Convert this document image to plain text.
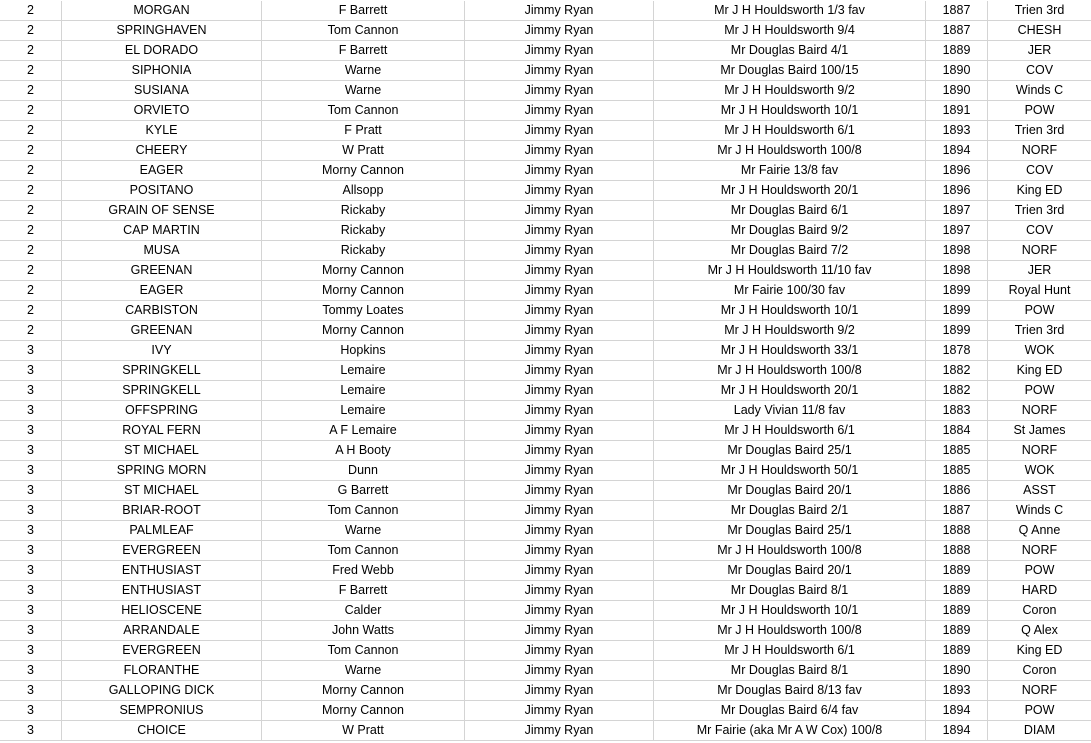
2	MORGAN	F Barrett	Jimmy Ryan	Mr J H Houldsworth 1/3 fav	1887	Trien 3rd
2	SPRINGHAVEN	Tom Cannon	Jimmy Ryan	Mr J H Houldsworth 9/4	1887	CHESH
2	EL DORADO	F Barrett	Jimmy Ryan	Mr Douglas Baird 4/1	1889	JER
2	SIPHONIA	Warne	Jimmy Ryan	Mr Douglas Baird 100/15	1890	COV
2	SUSIANA	Warne	Jimmy Ryan	Mr J H Houldsworth 9/2	1890	Winds C
2	ORVIETO	Tom Cannon	Jimmy Ryan	Mr J H Houldsworth 10/1	1891	POW
2	KYLE	F Pratt	Jimmy Ryan	Mr J H Houldsworth 6/1	1893	Trien 3rd
2	CHEERY	W Pratt	Jimmy Ryan	Mr J H Houldsworth 100/8	1894	NORF
2	EAGER	Morny Cannon	Jimmy Ryan	Mr Fairie 13/8 fav	1896	COV
2	POSITANO	Allsopp	Jimmy Ryan	Mr J H Houldsworth 20/1	1896	King ED
2	GRAIN OF SENSE	Rickaby	Jimmy Ryan	Mr Douglas Baird 6/1	1897	Trien 3rd
2	CAP MARTIN	Rickaby	Jimmy Ryan	Mr Douglas Baird 9/2	1897	COV
2	MUSA	Rickaby	Jimmy Ryan	Mr Douglas Baird 7/2	1898	NORF
2	GREENAN	Morny Cannon	Jimmy Ryan	Mr J H Houldsworth 11/10 fav	1898	JER
2	EAGER	Morny Cannon	Jimmy Ryan	Mr Fairie 100/30 fav	1899	Royal Hunt
2	CARBISTON	Tommy Loates	Jimmy Ryan	Mr J H Houldsworth 10/1	1899	POW
2	GREENAN	Morny Cannon	Jimmy Ryan	Mr J H Houldsworth 9/2	1899	Trien 3rd
3	IVY	Hopkins	Jimmy Ryan	Mr J H Houldsworth 33/1	1878	WOK
3	SPRINGKELL	Lemaire	Jimmy Ryan	Mr J H Houldsworth 100/8	1882	King ED
3	SPRINGKELL	Lemaire	Jimmy Ryan	Mr J H Houldsworth 20/1	1882	POW
3	OFFSPRING	Lemaire	Jimmy Ryan	Lady Vivian 11/8 fav	1883	NORF
3	ROYAL FERN	A F Lemaire	Jimmy Ryan	Mr J H Houldsworth 6/1	1884	St James
3	ST MICHAEL	A H Booty	Jimmy Ryan	Mr Douglas Baird 25/1	1885	NORF
3	SPRING MORN	Dunn	Jimmy Ryan	Mr J H Houldsworth 50/1	1885	WOK
3	ST MICHAEL	G Barrett	Jimmy Ryan	Mr Douglas Baird 20/1	1886	ASST
3	BRIAR-ROOT	Tom Cannon	Jimmy Ryan	Mr Douglas Baird 2/1	1887	Winds C
3	PALMLEAF	Warne	Jimmy Ryan	Mr Douglas Baird 25/1	1888	Q Anne
3	EVERGREEN	Tom Cannon	Jimmy Ryan	Mr J H Houldsworth 100/8	1888	NORF
3	ENTHUSIAST	Fred Webb	Jimmy Ryan	Mr Douglas Baird 20/1	1889	POW
3	ENTHUSIAST	F Barrett	Jimmy Ryan	Mr Douglas Baird 8/1	1889	HARD
3	HELIOSCENE	Calder	Jimmy Ryan	Mr J H Houldsworth 10/1	1889	Coron
3	ARRANDALE	John Watts	Jimmy Ryan	Mr J H Houldsworth 100/8	1889	Q Alex
3	EVERGREEN	Tom Cannon	Jimmy Ryan	Mr J H Houldsworth 6/1	1889	King ED
3	FLORANTHE	Warne	Jimmy Ryan	Mr Douglas Baird 8/1	1890	Coron
3	GALLOPING DICK	Morny Cannon	Jimmy Ryan	Mr Douglas Baird 8/13 fav	1893	NORF
3	SEMPRONIUS	Morny Cannon	Jimmy Ryan	Mr Douglas Baird 6/4 fav	1894	POW
3	CHOICE	W Pratt	Jimmy Ryan	Mr Fairie (aka Mr A W Cox) 100/8	1894	DIAM
